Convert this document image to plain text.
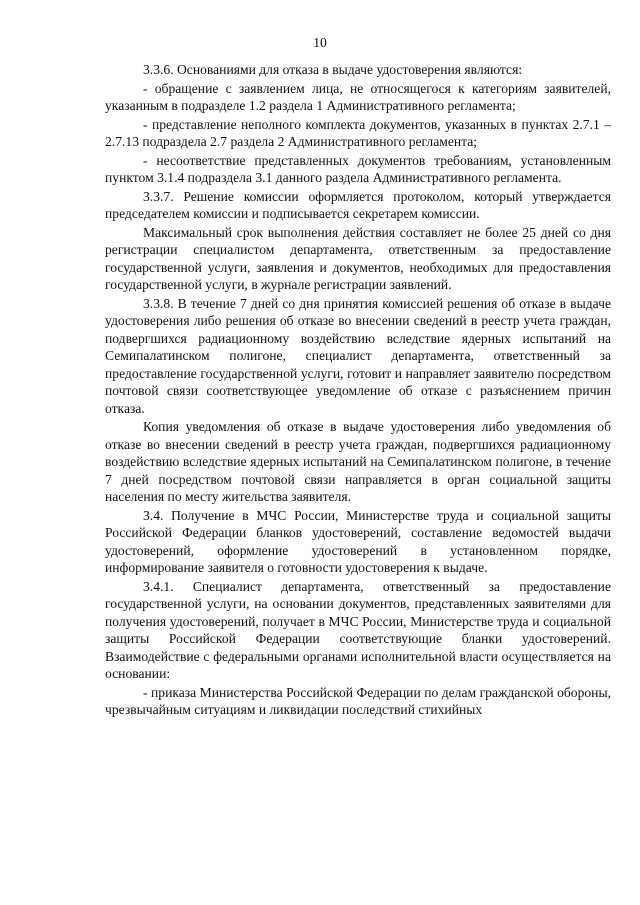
10

3.3.6. Основаниями для отказа в выдаче удостоверения являются:

- обращение с заявлением лица, не относящегося к категориям заявителей, указанным в подразделе 1.2 раздела 1 Административного регламента;

- представление неполного комплекта документов, указанных в пунктах 2.7.1 – 2.7.13 подраздела 2.7 раздела 2 Административного регламента;

- несоответствие представленных документов требованиям, установленным пунктом 3.1.4 подраздела 3.1 данного раздела Административного регламента.

3.3.7. Решение комиссии оформляется протоколом, который утверждается председателем комиссии и подписывается секретарем комиссии.

Максимальный срок выполнения действия составляет не более 25 дней со дня регистрации специалистом департамента, ответственным за предоставление государственной услуги, заявления и документов, необходимых для предоставления государственной услуги, в журнале регистрации заявлений.

3.3.8. В течение 7 дней со дня принятия комиссией решения об отказе в выдаче удостоверения либо решения об отказе во внесении сведений в реестр учета граждан, подвергшихся радиационному воздействию вследствие ядерных испытаний на Семипалатинском полигоне, специалист департамента, ответственный за предоставление государственной услуги, готовит и направляет заявителю посредством почтовой связи соответствующее уведомление об отказе с разъяснением причин отказа.

Копия уведомления об отказе в выдаче удостоверения либо уведомления об отказе во внесении сведений в реестр учета граждан, подвергшихся радиационному воздействию вследствие ядерных испытаний на Семипалатинском полигоне, в течение 7 дней посредством почтовой связи направляется в орган социальной защиты населения по месту жительства заявителя.

3.4. Получение в МЧС России, Министерстве труда и социальной защиты Российской Федерации бланков удостоверений, составление ведомостей выдачи удостоверений, оформление удостоверений в установленном порядке, информирование заявителя о готовности удостоверения к выдаче.

3.4.1. Специалист департамента, ответственный за предоставление государственной услуги, на основании документов, представленных заявителями для получения удостоверений, получает в МЧС России, Министерстве труда и социальной защиты Российской Федерации соответствующие бланки удостоверений. Взаимодействие с федеральными органами исполнительной власти осуществляется на основании:

- приказа Министерства Российской Федерации по делам гражданской обороны, чрезвычайным ситуациям и ликвидации последствий стихийных
